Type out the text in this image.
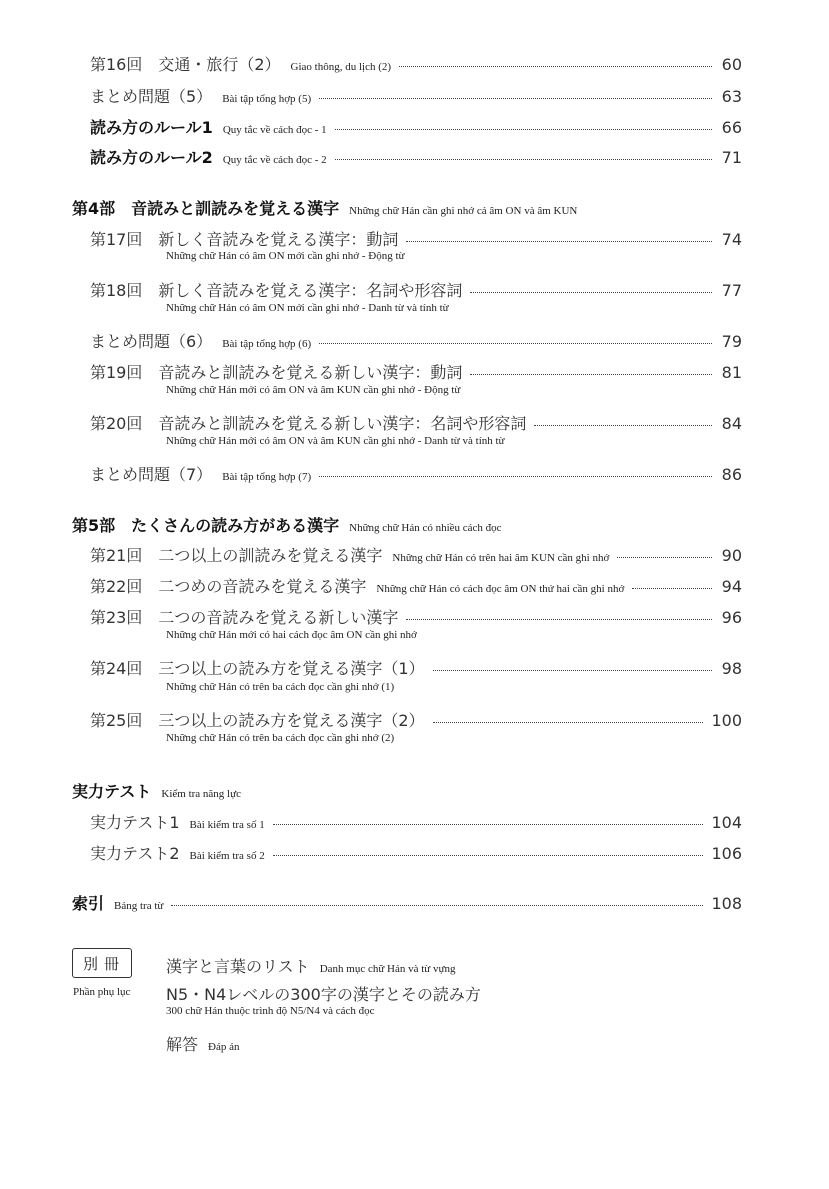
第16回　交通・旅行（2） Giao thông, du lịch (2)	60
まとめ問題（5） Bài tập tổng hợp (5)	63
読み方のルール1 Quy tắc về cách đọc - 1	66
読み方のルール2 Quy tắc về cách đọc - 2	71
第4部　音読みと訓読みを覚える漢字 Những chữ Hán cần ghi nhớ cả âm ON và âm KUN
第17回　新しく音読みを覚える漢字：動詞	74
Những chữ Hán có âm ON mới cần ghi nhớ - Động từ
第18回　新しく音読みを覚える漢字：名詞や形容詞	77
Những chữ Hán có âm ON mới cần ghi nhớ - Danh từ và tính từ
まとめ問題（6） Bài tập tổng hợp (6)	79
第19回　音読みと訓読みを覚える新しい漢字：動詞	81
Những chữ Hán mới có âm ON và âm KUN cần ghi nhớ - Động từ
第20回　音読みと訓読みを覚える新しい漢字：名詞や形容詞	84
Những chữ Hán mới có âm ON và âm KUN cần ghi nhớ - Danh từ và tính từ
まとめ問題（7） Bài tập tổng hợp (7)	86
第5部　たくさんの読み方がある漢字 Những chữ Hán có nhiều cách đọc
第21回　二つ以上の訓読みを覚える漢字 Những chữ Hán có trên hai âm KUN cần ghi nhớ	90
第22回　二つめの音読みを覚える漢字 Những chữ Hán có cách đọc âm ON thứ hai cần ghi nhớ	94
第23回　二つの音読みを覚える新しい漢字	96
Những chữ Hán mới có hai cách đọc âm ON cần ghi nhớ
第24回　三つ以上の読み方を覚える漢字（1）	98
Những chữ Hán có trên ba cách đọc cần ghi nhớ (1)
第25回　三つ以上の読み方を覚える漢字（2）	100
Những chữ Hán có trên ba cách đọc cần ghi nhớ (2)
実力テスト Kiểm tra năng lực
実力テスト1 Bài kiểm tra số 1	104
実力テスト2 Bài kiểm tra số 2	106
索引 Bảng tra từ	108
別冊
Phần phụ lục
漢字と言葉のリスト Danh mục chữ Hán và từ vựng
N5・N4レベルの300字の漢字とその読み方
300 chữ Hán thuộc trình độ N5/N4 và cách đọc
解答 Đáp án
